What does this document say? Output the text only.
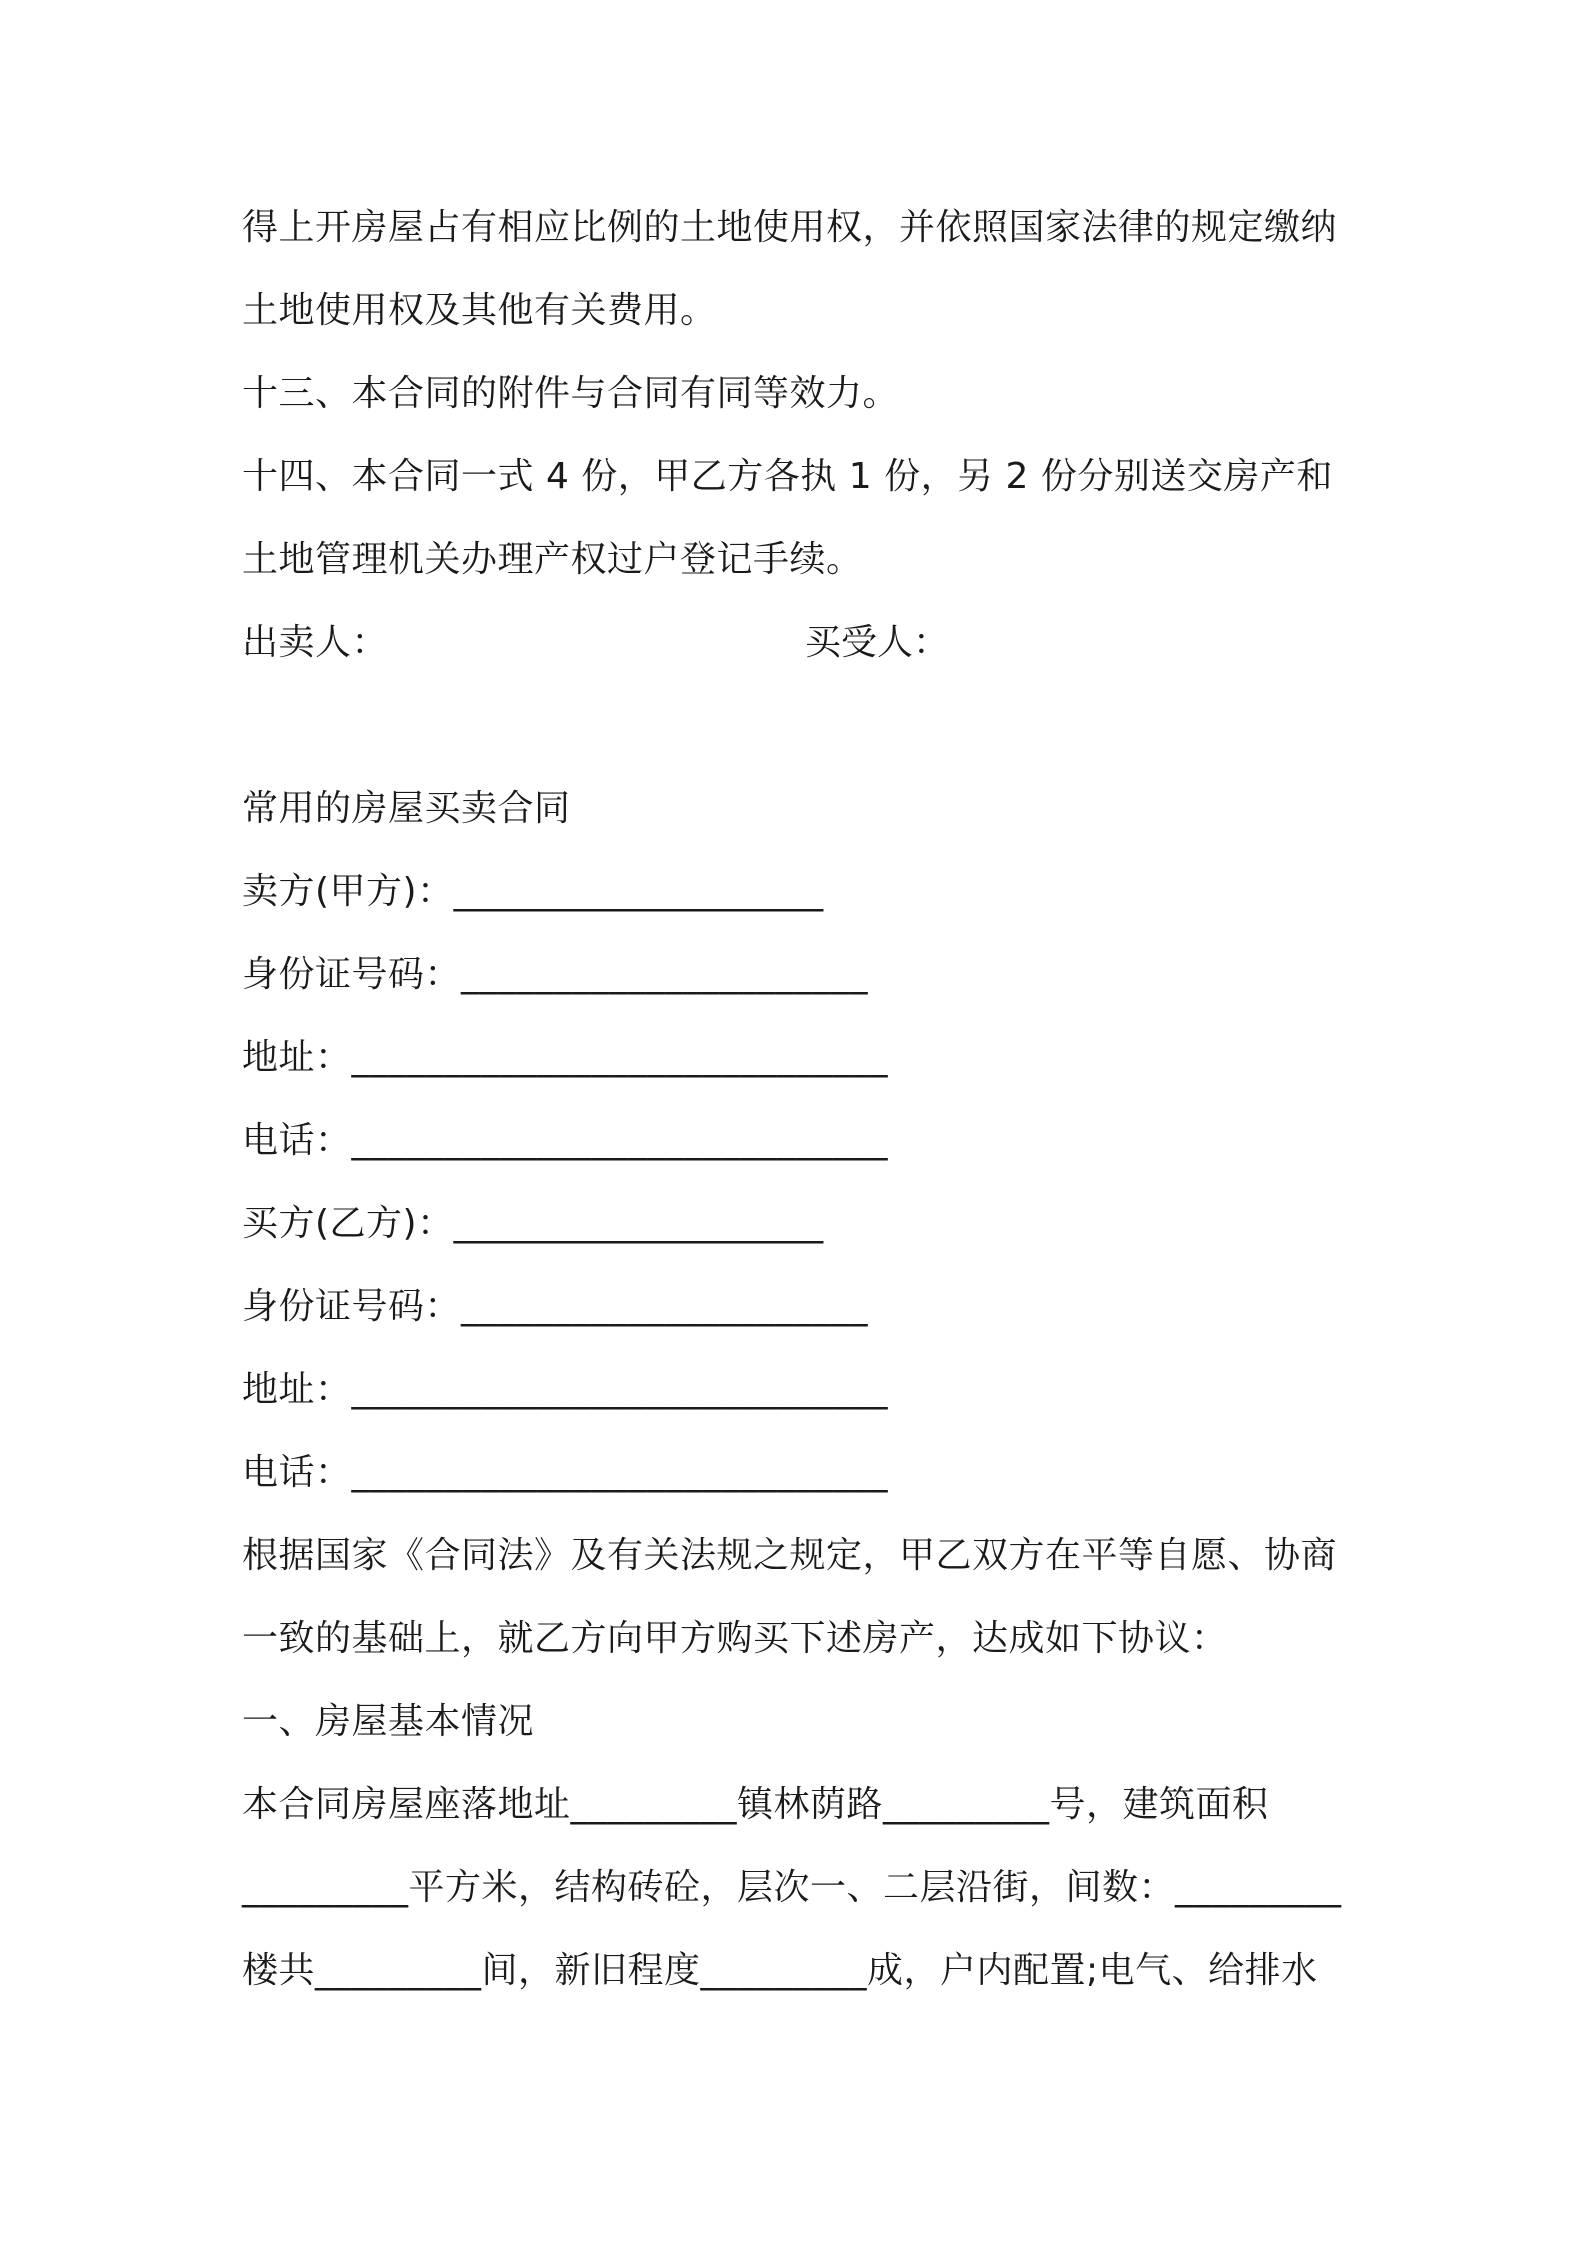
得上开房屋占有相应比例的土地使用权，并依照国家法律的规定缴纳
土地使用权及其他有关费用。
十三、本合同的附件与合同有同等效力。
十四、本合同一式 4 份，甲乙方各执 1 份，另 2 份分别送交房产和
土地管理机关办理产权过户登记手续。
出卖人：	买受人：
常用的房屋买卖合同
卖方(甲方)：____________________
身份证号码：______________________
地址：_____________________________
电话：_____________________________
买方(乙方)：____________________
身份证号码：______________________
地址：_____________________________
电话：_____________________________
根据国家《合同法》及有关法规之规定，甲乙双方在平等自愿、协商
一致的基础上，就乙方向甲方购买下述房产，达成如下协议：
一、房屋基本情况
本合同房屋座落地址_________镇林荫路_________号，建筑面积
_________平方米，结构砖砼，层次一、二层沿街，间数：_________
楼共_________间，新旧程度_________成，户内配置;电气、给排水
